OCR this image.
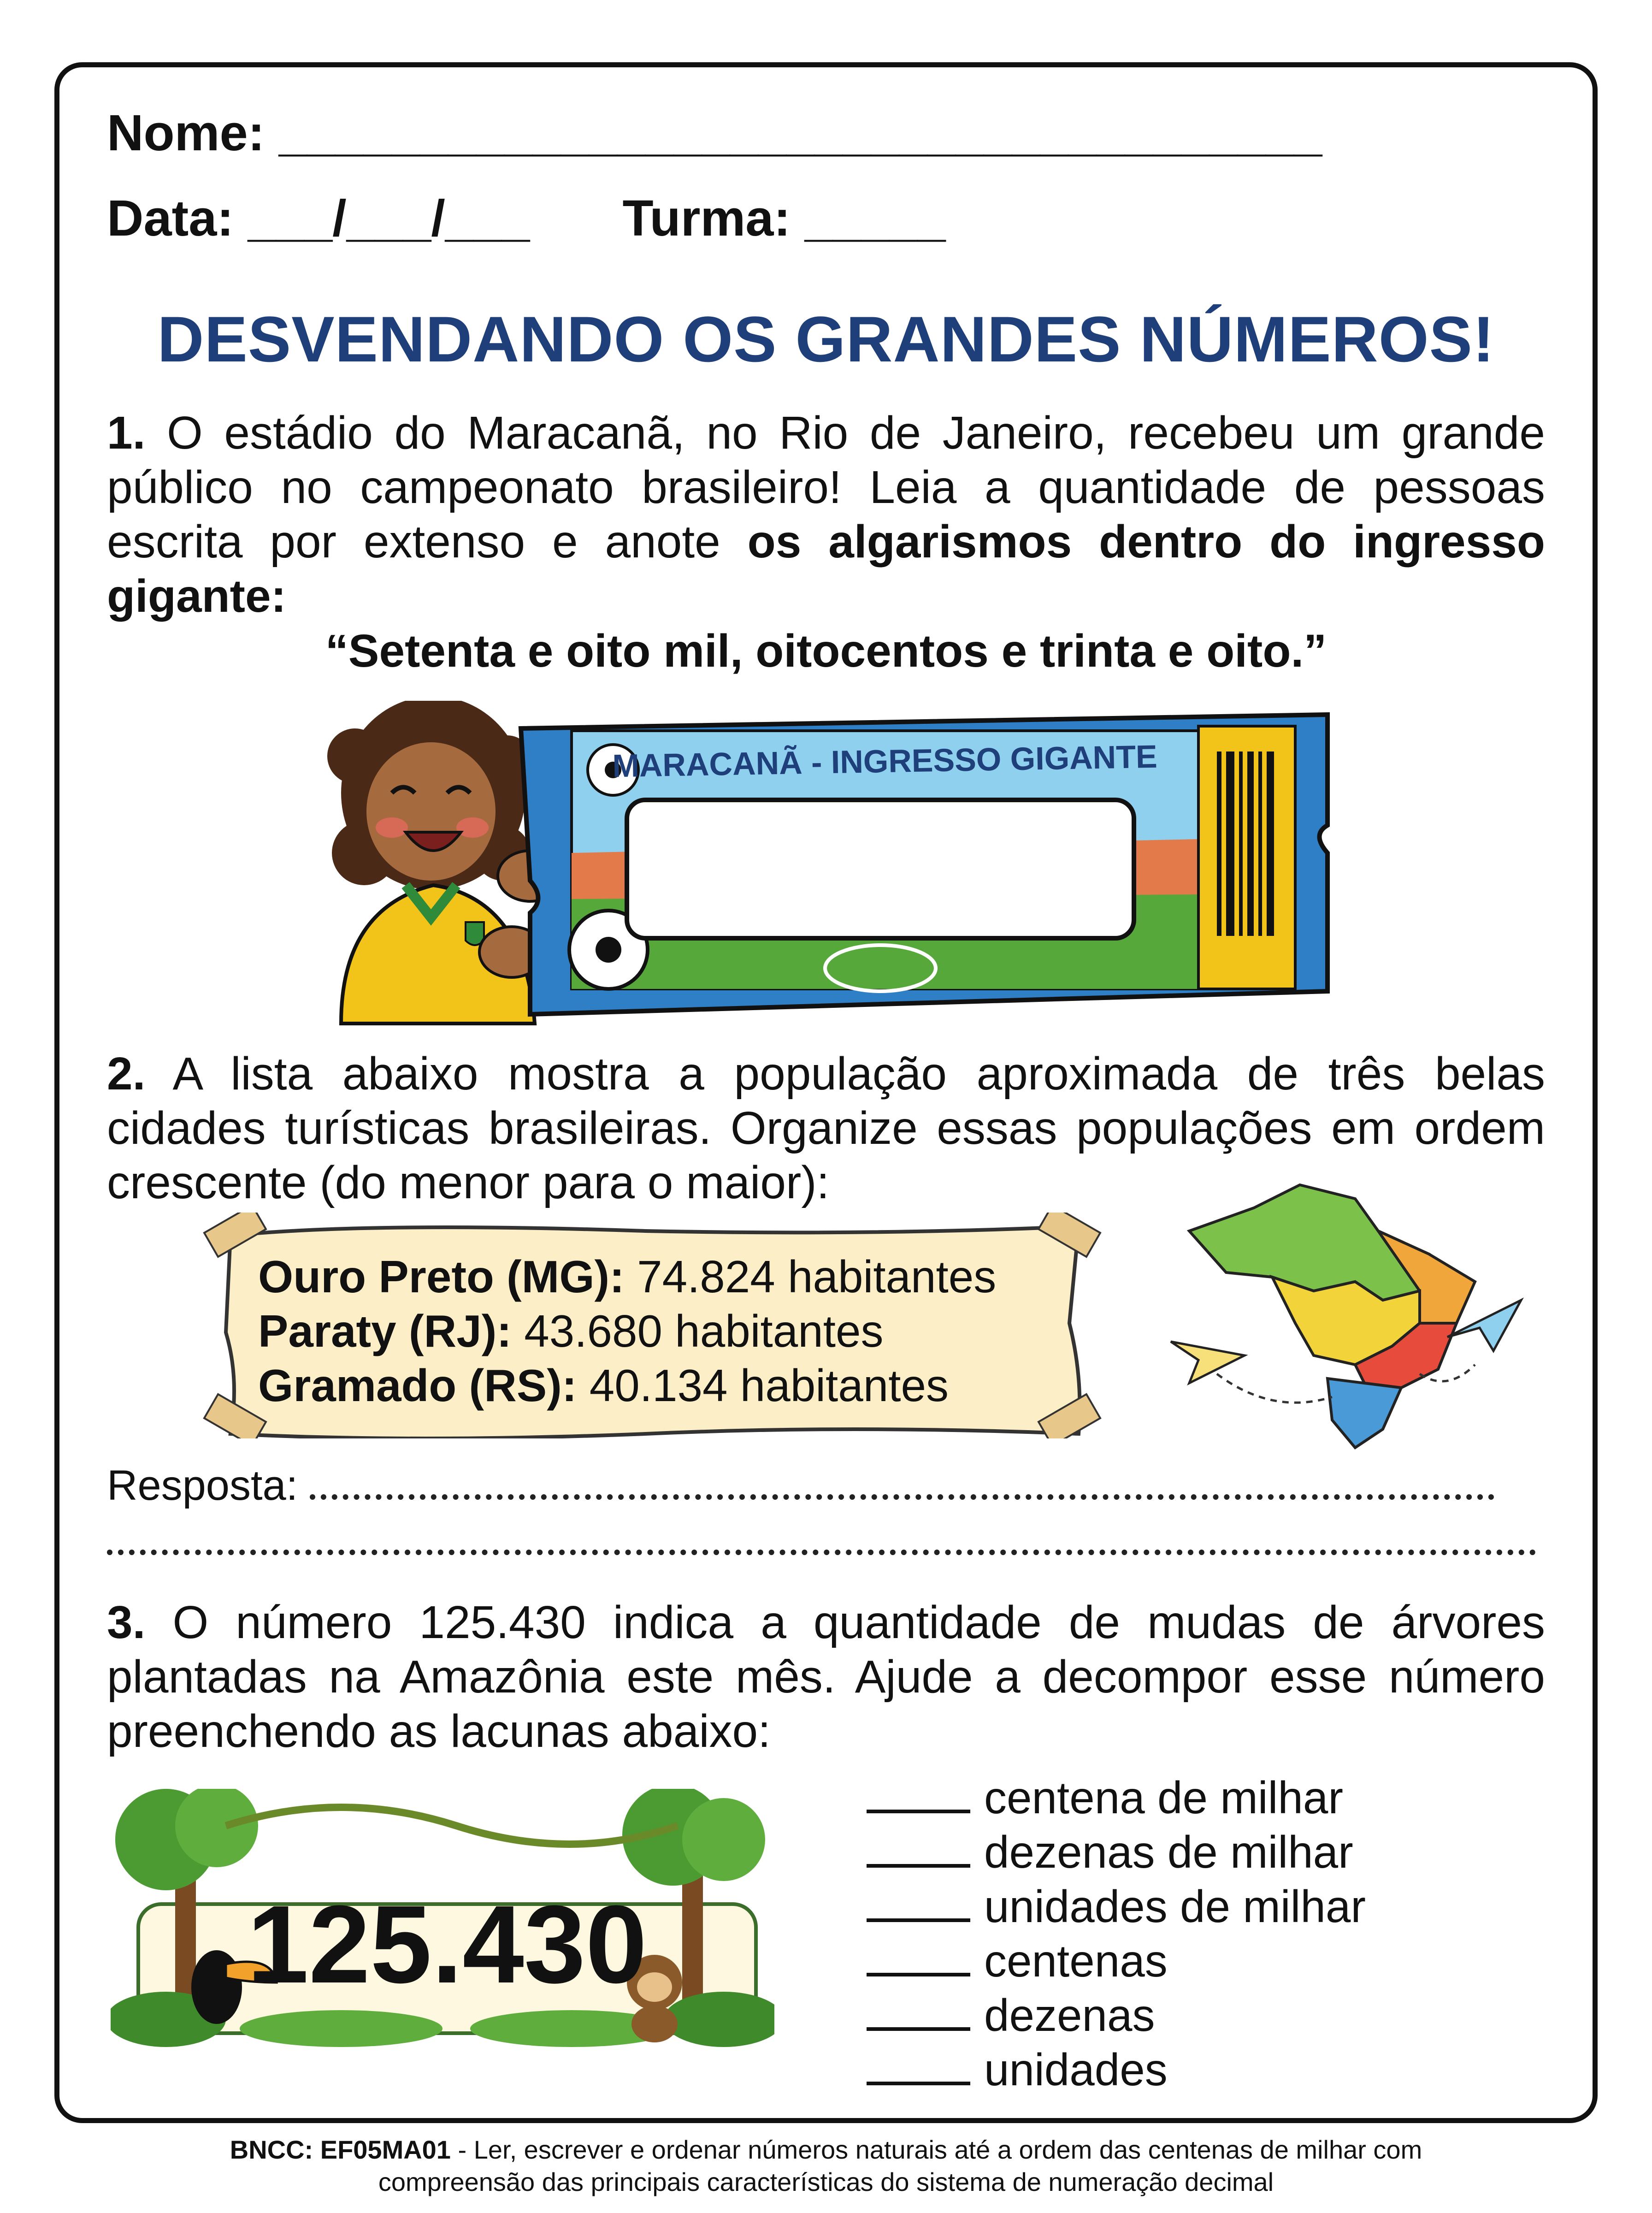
Nome: _____________________________________
Data: ___/___/___ Turma: _____
DESVENDANDO OS GRANDES NÚMEROS!
1. O estádio do Maracanã, no Rio de Janeiro, recebeu um grande público no campeonato brasileiro! Leia a quantidade de pessoas escrita por extenso e anote os algarismos dentro do ingresso gigante:
“Setenta e oito mil, oitocentos e trinta e oito.”
MARACANÃ - INGRESSO GIGANTE
2. A lista abaixo mostra a população aproximada de três belas cidades turísticas brasileiras. Organize essas populações em ordem crescente (do menor para o maior):
Ouro Preto (MG): 74.824 habitantes
Paraty (RJ): 43.680 habitantes
Gramado (RS): 40.134 habitantes
Resposta:
3. O número 125.430 indica a quantidade de mudas de árvores plantadas na Amazônia este mês. Ajude a decompor esse número preenchendo as lacunas abaixo:
125.430
centena de milhar
dezenas de milhar
unidades de milhar
centenas
dezenas
unidades
BNCC: EF05MA01 - Ler, escrever e ordenar números naturais até a ordem das centenas de milhar com
compreensão das principais características do sistema de numeração decimal
